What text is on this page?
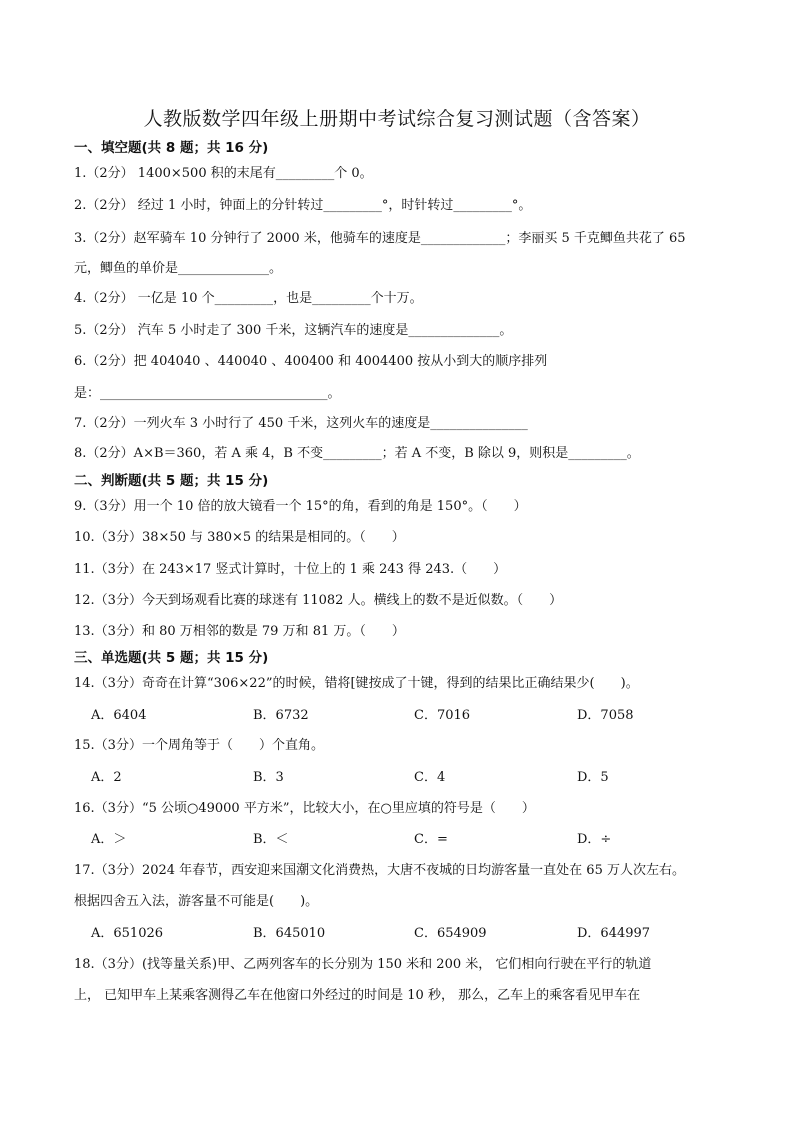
人教版数学四年级上册期中考试综合复习测试题（含答案）
一、填空题(共 8 题；共 16 分)
1.（2分） 1400×500 积的末尾有_________个 0。
2.（2分） 经过 1 小时，钟面上的分针转过_________°，时针转过_________°。
3.（2分）赵军骑车 10 分钟行了 2000 米，他骑车的速度是_____________；李丽买 5 千克鲫鱼共花了 65
元，鲫鱼的单价是______________。
4.（2分） 一亿是 10 个_________，也是_________个十万。
5.（2分） 汽车 5 小时走了 300 千米，这辆汽车的速度是______________。
6.（2分）把 404040 、440040 、400400 和 4004400 按从小到大的顺序排列
是：___________________________________。
7.（2分）一列火车 3 小时行了 450 千米，这列火车的速度是_______________
8.（2分）A×B＝360，若 A 乘 4，B 不变_________；若 A 不变，B 除以 9，则积是_________。
二、判断题(共 5 题；共 15 分)
9.（3分）用一个 10 倍的放大镜看一个 15°的角，看到的角是 150°。（　　）
10.（3分）38×50 与 380×5 的结果是相同的。（　　）
11.（3分）在 243×17 竖式计算时，十位上的 1 乘 243 得 243.（　　）
12.（3分）今天到场观看比赛的球迷有 11082 人。横线上的数不是近似数。（　　）
13.（3分）和 80 万相邻的数是 79 万和 81 万。（　　）
三、单选题(共 5 题；共 15 分)
14.（3分）奇奇在计算“306×22”的时候，错将[键按成了十键，得到的结果比正确结果少(　　)。
A．6404	B．6732	C．7016	D．7058
15.（3分）一个周角等于（　　）个直角。
A．2	B．3	C．4	D．5
16.（3分）“5 公顷○49000 平方米”，比较大小，在○里应填的符号是（　　）
A．＞	B．＜	C．=	D．÷
17.（3分）2024 年春节，西安迎来国潮文化消费热，大唐不夜城的日均游客量一直处在 65 万人次左右。
根据四舍五入法，游客量不可能是(　　)。
A．651026	B．645010	C．654909	D．644997
18.（3分）(找等量关系)甲、乙两列客车的长分别为 150 米和 200 米， 它们相向行驶在平行的轨道
上， 已知甲车上某乘客测得乙车在他窗口外经过的时间是 10 秒， 那么，乙车上的乘客看见甲车在
